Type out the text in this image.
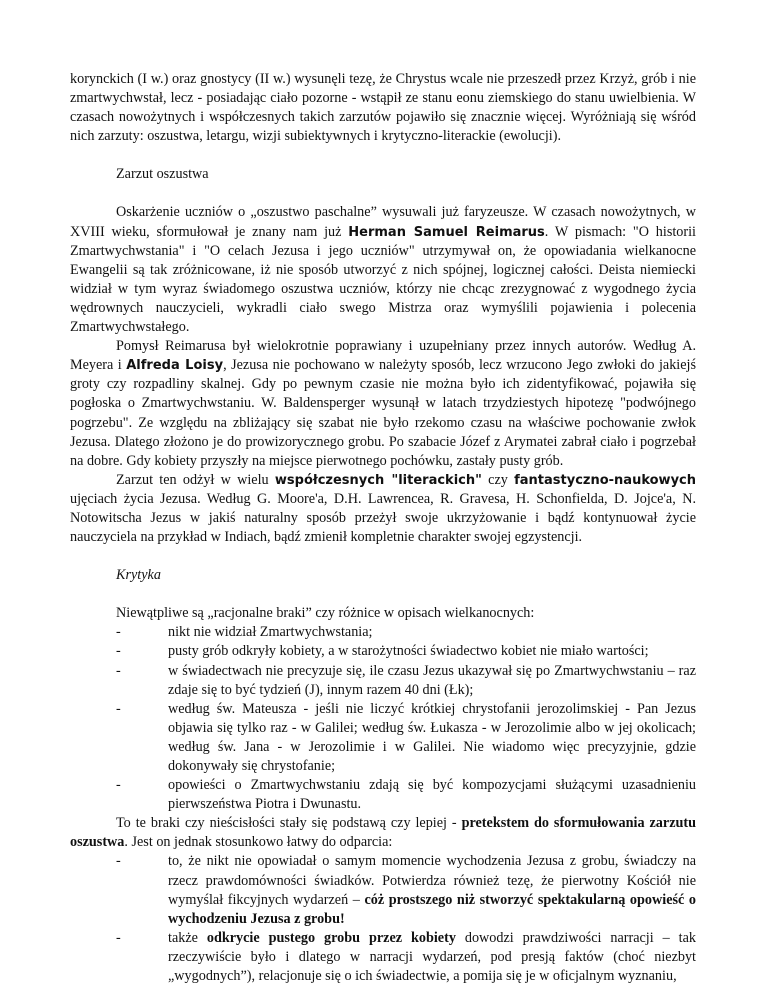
korynckich (I w.) oraz gnostycy (II w.) wysunęli tezę, że Chrystus wcale nie przeszedł przez Krzyż, grób i nie zmartwychwstał, lecz - posiadając ciało pozorne - wstąpił ze stanu eonu ziemskiego do stanu uwielbienia. W czasach nowożytnych i współczesnych takich zarzutów pojawiło się znacznie więcej. Wyróżniają się wśród nich zarzuty: oszustwa, letargu, wizji subiektywnych i krytyczno-literackie (ewolucji).

Zarzut oszustwa

Oskarżenie uczniów o „oszustwo paschalne” wysuwali już faryzeusze. W czasach nowożytnych, w XVIII wieku, sformułował je znany nam już Herman Samuel Reimarus. W pismach: "O historii Zmartwychwstania" i "O celach Jezusa i jego uczniów" utrzymywał on, że opowiadania wielkanocne Ewangelii są tak zróżnicowane, iż nie sposób utworzyć z nich spójnej, logicznej całości. Deista niemiecki widział w tym wyraz świadomego oszustwa uczniów, którzy nie chcąc zrezygnować z wygodnego życia wędrownych nauczycieli, wykradli ciało swego Mistrza oraz wymyślili pojawienia i polecenia Zmartwychwstałego.

Pomysł Reimarusa był wielokrotnie poprawiany i uzupełniany przez innych autorów. Według A. Meyera i Alfreda Loisy, Jezusa nie pochowano w należyty sposób, lecz wrzucono Jego zwłoki do jakiejś groty czy rozpadliny skalnej. Gdy po pewnym czasie nie można było ich zidentyfikować, pojawiła się pogłoska o Zmartwychwstaniu. W. Baldensperger wysunął w latach trzydziestych hipotezę "podwójnego pogrzebu". Ze względu na zbliżający się szabat nie było rzekomo czasu na właściwe pochowanie zwłok Jezusa. Dlatego złożono je do prowizorycznego grobu. Po szabacie Józef z Arymatei zabrał ciało i pogrzebał na dobre. Gdy kobiety przyszły na miejsce pierwotnego pochówku, zastały pusty grób.

Zarzut ten odżył w wielu współczesnych "literackich" czy fantastyczno-naukowych ujęciach życia Jezusa. Według G. Moore'a, D.H. Lawrencea, R. Gravesa, H. Schonfielda, D. Jojce'a, N. Notowitscha Jezus w jakiś naturalny sposób przeżył swoje ukrzyżowanie i bądź kontynuował życie nauczyciela na przykład w Indiach, bądź zmienił kompletnie charakter swojej egzystencji.

Krytyka

Niewątpliwe są „racjonalne braki” czy różnice w opisach wielkanocnych:

-	nikt nie widział Zmartwychwstania;
-	pusty grób odkryły kobiety, a w starożytności świadectwo kobiet nie miało wartości;
-	w świadectwach nie precyzuje się, ile czasu Jezus ukazywał się po Zmartwychwstaniu – raz zdaje się to być tydzień (J), innym razem 40 dni (Łk);
-	według św. Mateusza - jeśli nie liczyć krótkiej chrystofanii jerozolimskiej - Pan Jezus objawia się tylko raz - w Galilei; według św. Łukasza - w Jerozolimie albo w jej okolicach; według św. Jana - w Jerozolimie i w Galilei. Nie wiadomo więc precyzyjnie, gdzie dokonywały się chrystofanie;
-	opowieści o Zmartwychwstaniu zdają się być kompozycjami służącymi uzasadnieniu pierwszeństwa Piotra i Dwunastu.

To te braki czy nieścisłości stały się podstawą czy lepiej - pretekstem do sformułowania zarzutu oszustwa. Jest on jednak stosunkowo łatwy do odparcia:

-	to, że nikt nie opowiadał o samym momencie wychodzenia Jezusa z grobu, świadczy na rzecz prawdomówności świadków. Potwierdza również tezę, że pierwotny Kościół nie wymyślał fikcyjnych wydarzeń – cóż prostszego niż stworzyć spektakularną opowieść o wychodzeniu Jezusa z grobu!
-	także odkrycie pustego grobu przez kobiety dowodzi prawdziwości narracji – tak rzeczywiście było i dlatego w narracji wydarzeń, pod presją faktów (choć niezbyt „wygodnych”), relacjonuje się o ich świadectwie, a pomija się je w oficjalnym wyznaniu,
